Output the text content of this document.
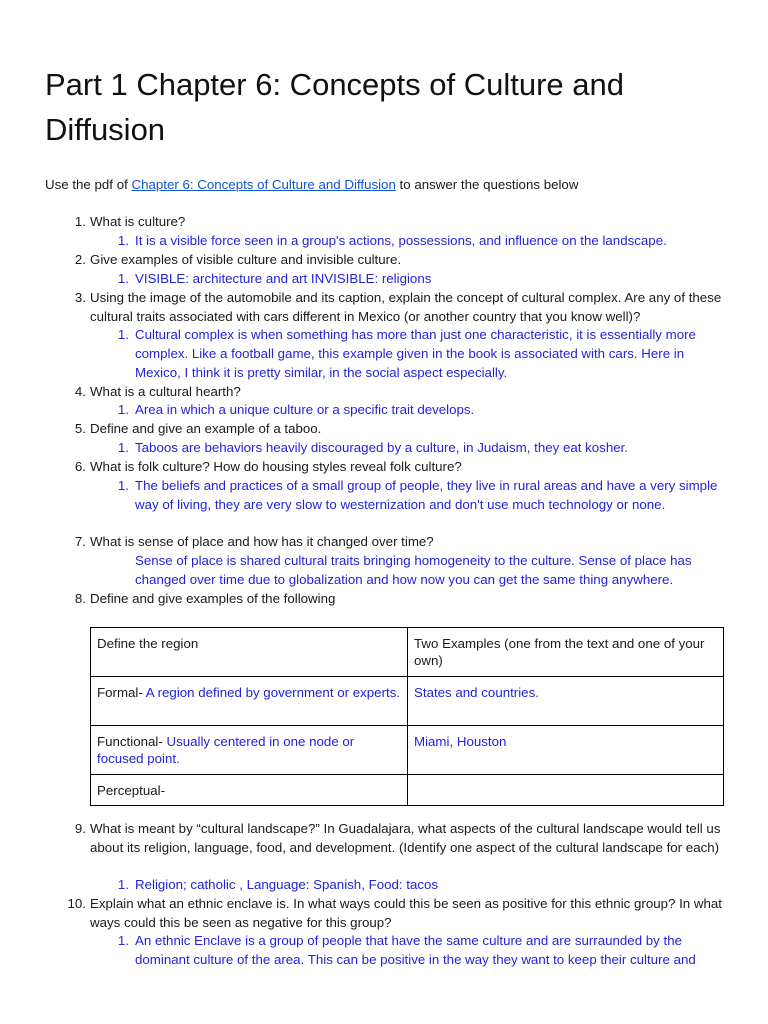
Part 1 Chapter 6: Concepts of Culture and Diffusion
Use the pdf of Chapter 6: Concepts of Culture and Diffusion to answer the questions below
1. What is culture?
1. It is a visible force seen in a group's actions, possessions, and influence on the landscape.
2. Give examples of visible culture and invisible culture.
1. VISIBLE: architecture and art INVISIBLE: religions
3. Using the image of the automobile and its caption, explain the concept of cultural complex. Are any of these cultural traits associated with cars different in Mexico (or another country that you know well)?
1. Cultural complex is when something has more than just one characteristic, it is essentially more complex. Like a football game, this example given in the book is associated with cars. Here in Mexico, I think it is pretty similar, in the social aspect especially.
4. What is a cultural hearth?
1. Area in which a unique culture or a specific trait develops.
5. Define and give an example of a taboo.
1. Taboos are behaviors heavily discouraged by a culture, in Judaism, they eat kosher.
6. What is folk culture? How do housing styles reveal folk culture?
1. The beliefs and practices of a small group of people, they live in rural areas and have a very simple way of living, they are very slow to westernization and don't use much technology or none.
7. What is sense of place and how has it changed over time?
Sense of place is shared cultural traits bringing homogeneity to the culture. Sense of place has changed over time due to globalization and how now you can get the same thing anywhere.
8. Define and give examples of the following
Define the region	Two Examples (one from the text and one of your own)
Formal- A region defined by government or experts.	States and countries.
Functional- Usually centered in one node or focused point.	Miami, Houston
Perceptual-	
9. What is meant by “cultural landscape?” In Guadalajara, what aspects of the cultural landscape would tell us about its religion, language, food, and development. (Identify one aspect of the cultural landscape for each)
1. Religion; catholic , Language: Spanish, Food: tacos
10. Explain what an ethnic enclave is. In what ways could this be seen as positive for this ethnic group? In what ways could this be seen as negative for this group?
1. An ethnic Enclave is a group of people that have the same culture and are surraunded by the dominant culture of the area. This can be positive in the way they want to keep their culture and
